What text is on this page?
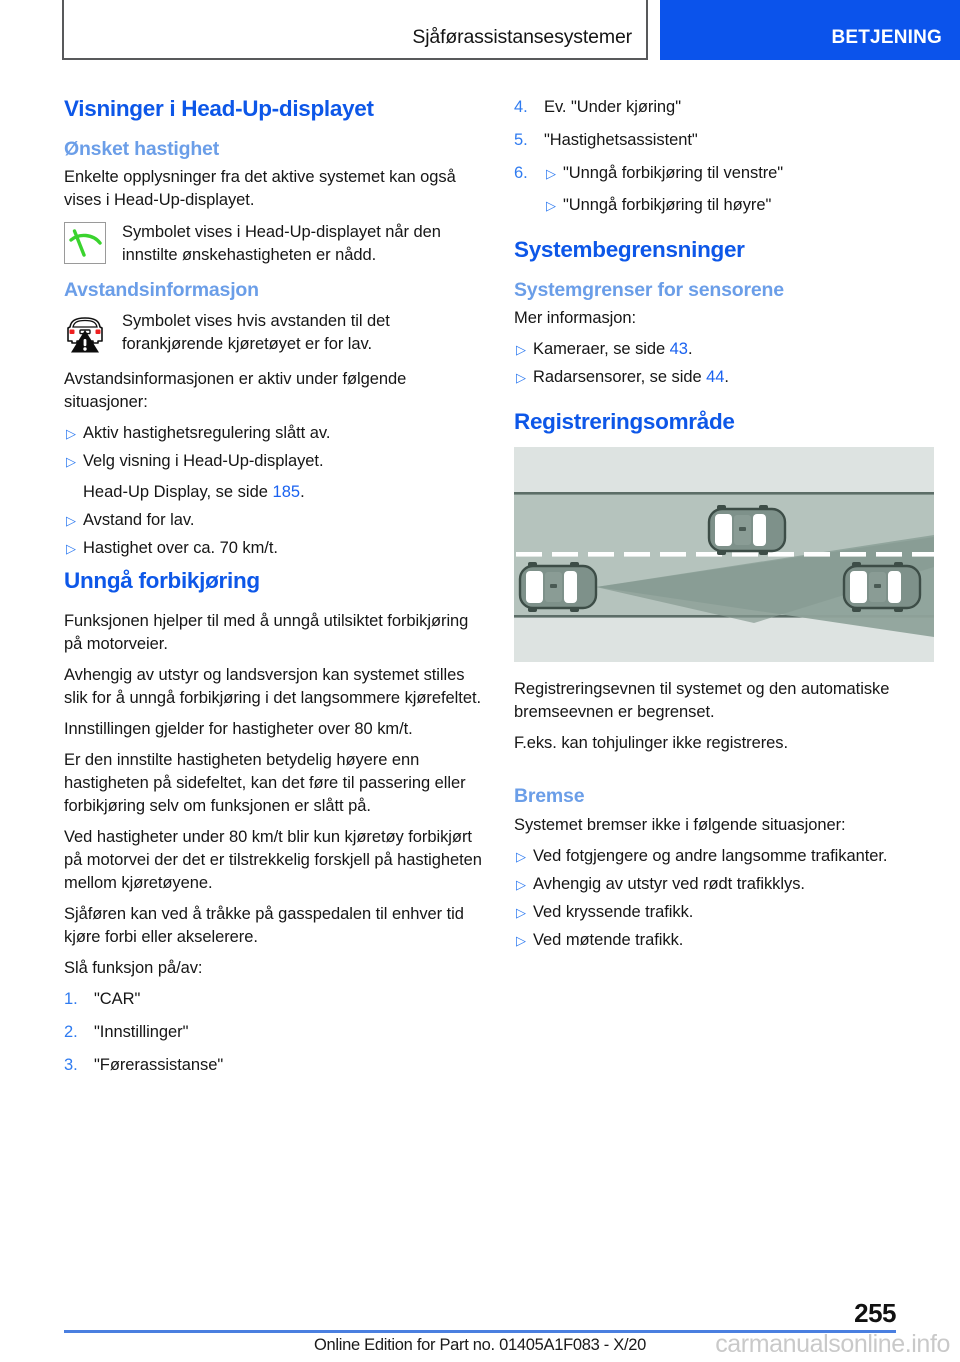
Sjåførassistansesystemer	BETJENING
Visninger i Head-Up-displayet
Ønsket hastighet

Enkelte opplysninger fra det aktive systemet kan også vises i Head-Up-displayet.

Symbolet vises i Head-Up-displayet når den innstilte ønskehastigheten er nådd.
Avstandsinformasjon
Symbolet vises hvis avstanden til det forankjørende kjøretøyet er for lav.

Avstandsinformasjonen er aktiv under følgende situasjoner:

▷ Aktiv hastighetsregulering slått av.
▷ Velg visning i Head-Up-displayet.
Head-Up Display, se side 185.
▷ Avstand for lav.
▷ Hastighet over ca. 70 km/t.
Unngå forbikjøring

Funksjonen hjelper til med å unngå utilsiktet forbikjøring på motorveier.

Avhengig av utstyr og landsversjon kan systemet stilles slik for å unngå forbikjøring i det langsommere kjørefeltet.

Innstillingen gjelder for hastigheter over 80 km/t.

Er den innstilte hastigheten betydelig høyere enn hastigheten på sidefeltet, kan det føre til passering eller forbikjøring selv om funksjonen er slått på.

Ved hastigheter under 80 km/t blir kun kjøretøy forbikjørt på motorvei der det er tilstrekkelig forskjell på hastigheten mellom kjøretøyene.

Sjåføren kan ved å tråkke på gasspedalen til enhver tid kjøre forbi eller akselerere.

Slå funksjon på/av:

1. "CAR"
2. "Innstillinger"
3. "Førerassistanse"
4. Ev. "Under kjøring"
5. "Hastighetsassistent"
6.	▷ "Unngå forbikjøring til venstre"
▷ "Unngå forbikjøring til høyre"
Systembegrensninger
Systemgrenser for sensorene

Mer informasjon:

▷ Kameraer, se side 43.
▷ Radarsensorer, se side 44.
Registreringsområde

Registreringsevnen til systemet og den automatiske bremseevnen er begrenset.

F.eks. kan tohjulinger ikke registreres.

Bremse

Systemet bremser ikke i følgende situasjoner:

▷ Ved fotgjengere og andre langsomme trafikanter.
▷ Avhengig av utstyr ved rødt trafikklys.
▷ Ved kryssende trafikk.
▷ Ved møtende trafikk.
255
Online Edition for Part no. 01405A1F083 - X/20	carmanualsonline.info
